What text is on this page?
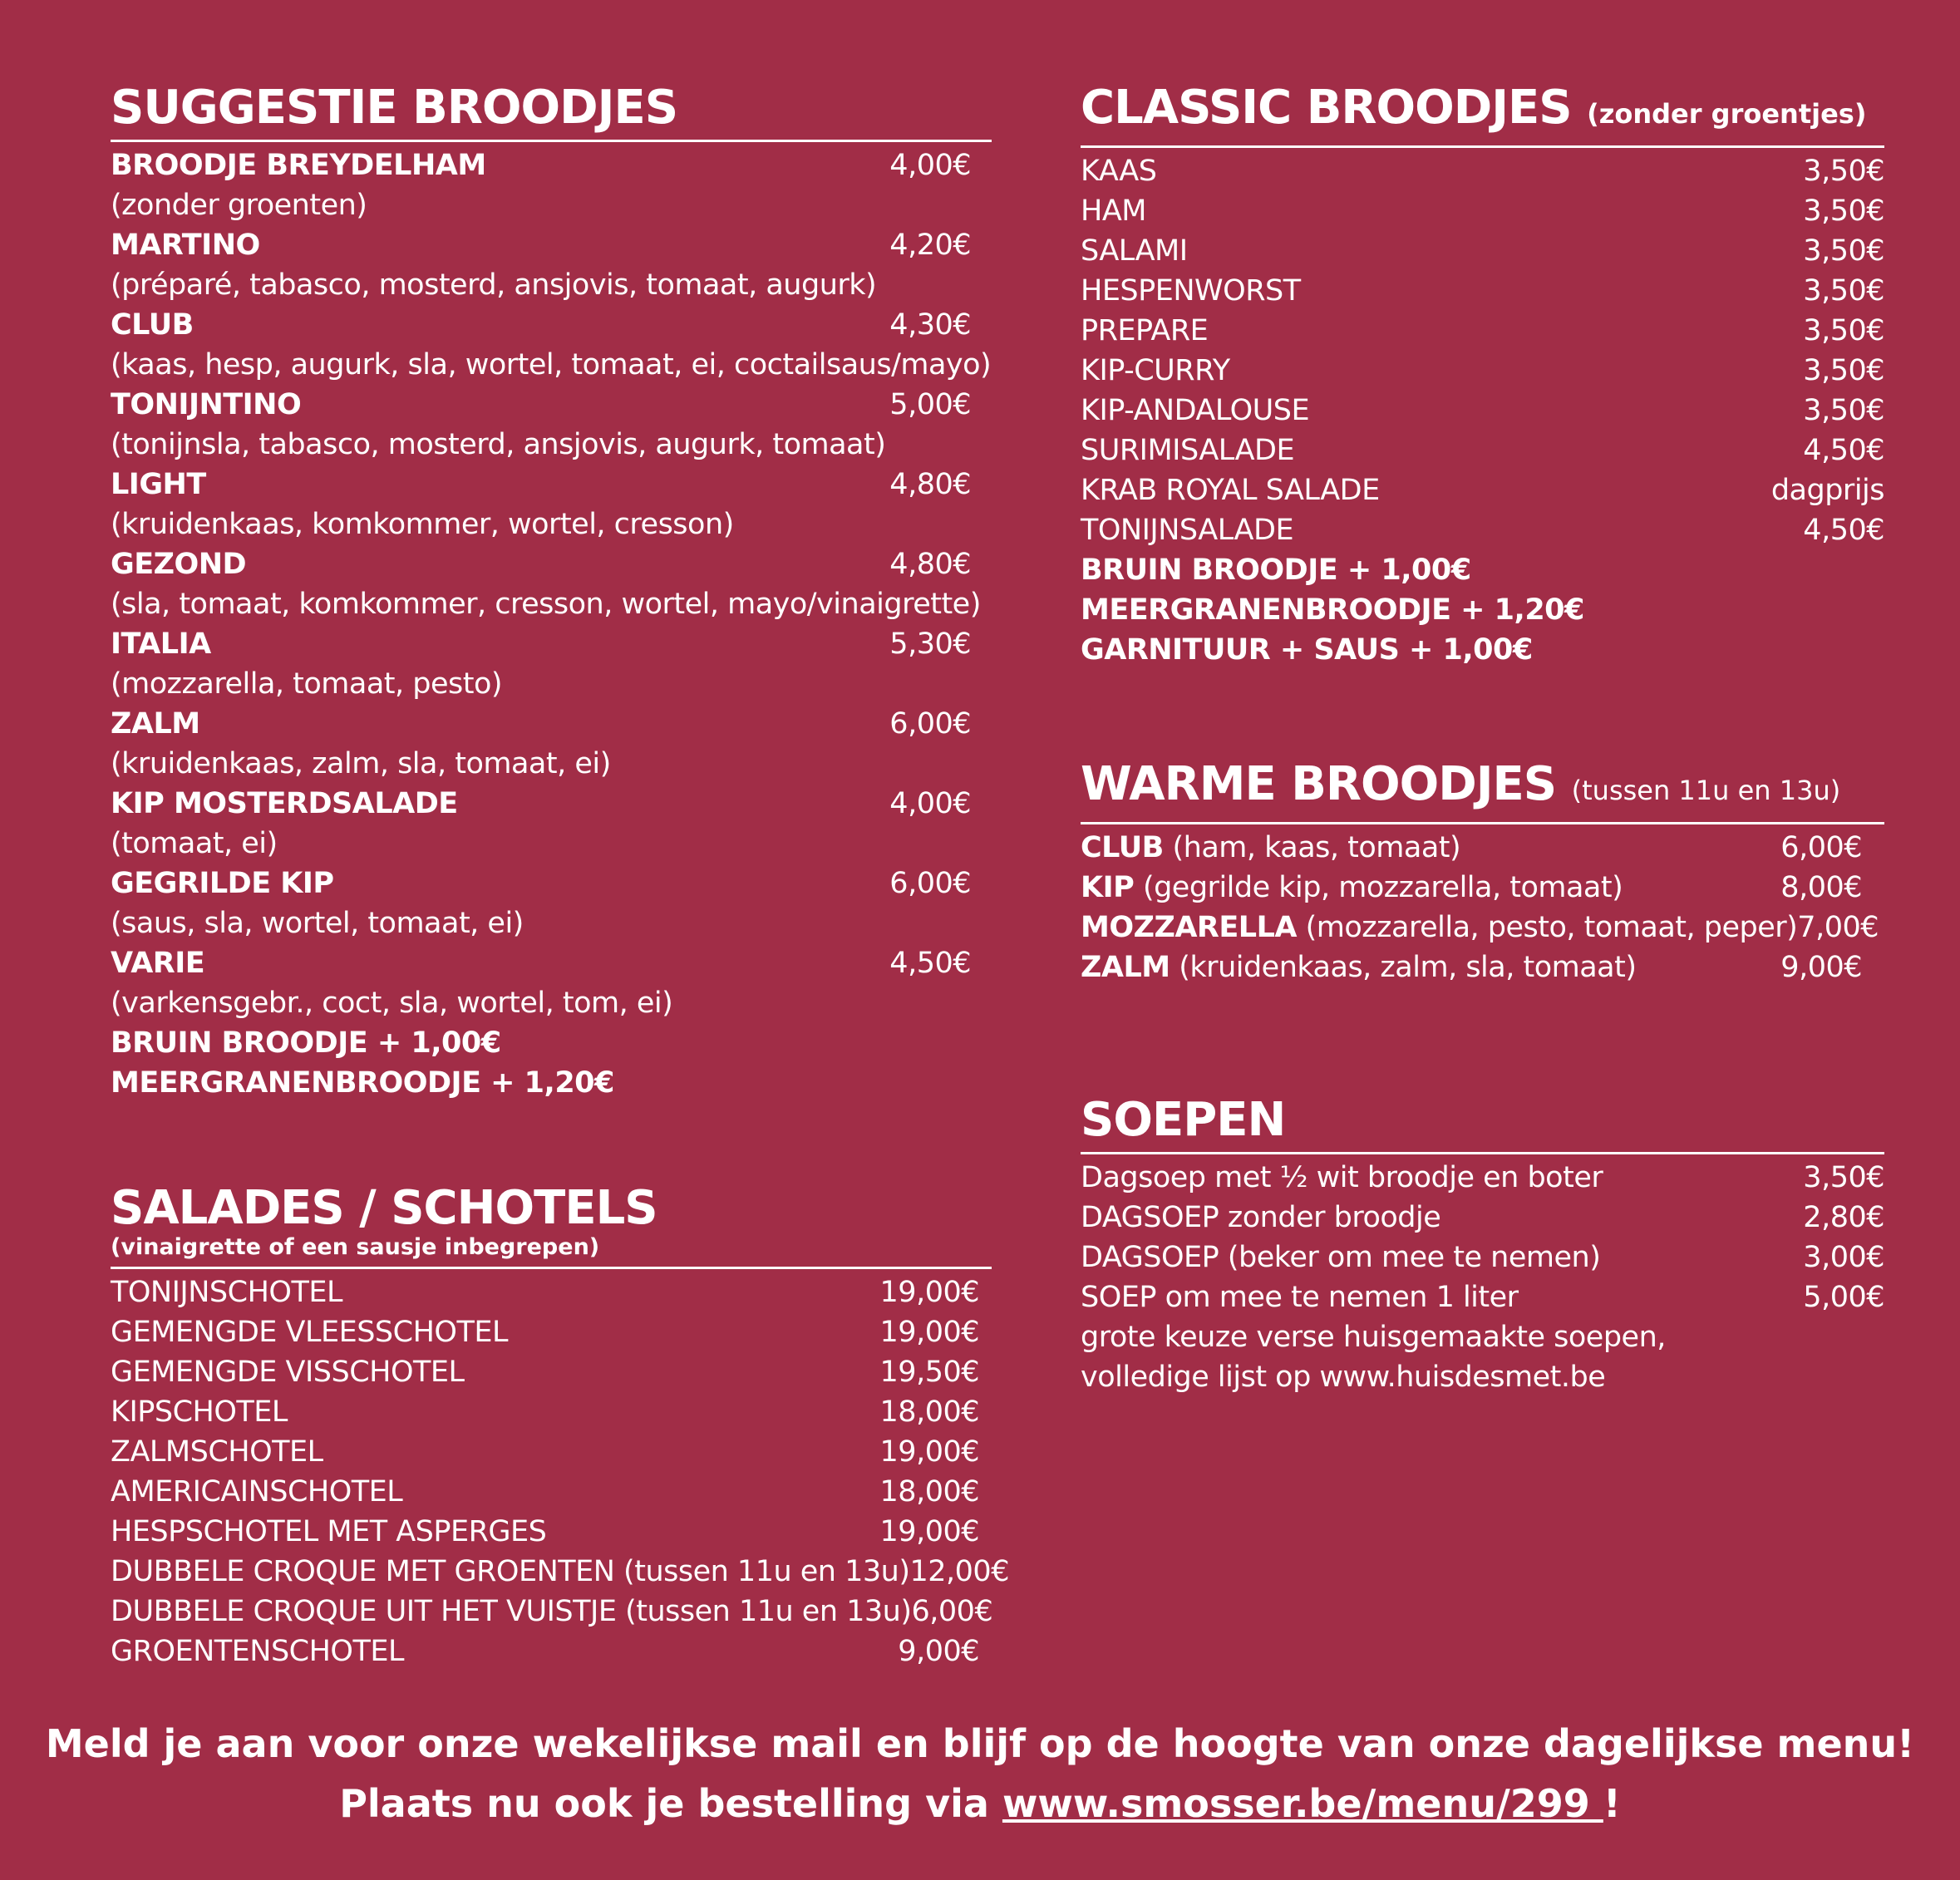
SUGGESTIE BROODJES
BROODJE BREYDELHAM	4,00€
(zonder groenten)
MARTINO	4,20€
(préparé, tabasco, mosterd, ansjovis, tomaat, augurk)
CLUB	4,30€
(kaas, hesp, augurk, sla, wortel, tomaat, ei, coctailsaus/mayo)
TONIJNTINO	5,00€
(tonijnsla, tabasco, mosterd, ansjovis, augurk, tomaat)
LIGHT	4,80€
(kruidenkaas, komkommer, wortel, cresson)
GEZOND	4,80€
(sla, tomaat, komkommer, cresson, wortel, mayo/vinaigrette)
ITALIA	5,30€
(mozzarella, tomaat, pesto)
ZALM	6,00€
(kruidenkaas, zalm, sla, tomaat, ei)
KIP MOSTERDSALADE	4,00€
(tomaat, ei)
GEGRILDE KIP	6,00€
(saus, sla, wortel, tomaat, ei)
VARIE	4,50€
(varkensgebr., coct, sla, wortel, tom, ei)
BRUIN BROODJE + 1,00€
MEERGRANENBROODJE + 1,20€
SALADES / SCHOTELS
(vinaigrette of een sausje inbegrepen)
TONIJNSCHOTEL	19,00€
GEMENGDE VLEESSCHOTEL	19,00€
GEMENGDE VISSCHOTEL	19,50€
KIPSCHOTEL	18,00€
ZALMSCHOTEL	19,00€
AMERICAINSCHOTEL	18,00€
HESPSCHOTEL MET ASPERGES	19,00€
DUBBELE CROQUE MET GROENTEN (tussen 11u en 13u) 12,00€
DUBBELE CROQUE UIT HET VUISTJE (tussen 11u en 13u) 6,00€
GROENTENSCHOTEL	9,00€
CLASSIC BROODJES (zonder groentjes)
KAAS	3,50€
HAM	3,50€
SALAMI	3,50€
HESPENWORST	3,50€
PREPARE	3,50€
KIP-CURRY	3,50€
KIP-ANDALOUSE	3,50€
SURIMISALADE	4,50€
KRAB ROYAL SALADE	dagprijs
TONIJNSALADE	4,50€
BRUIN BROODJE + 1,00€
MEERGRANENBROODJE + 1,20€
GARNITUUR + SAUS + 1,00€
WARME BROODJES (tussen 11u en 13u)
CLUB (ham, kaas, tomaat)	6,00€
KIP (gegrilde kip, mozzarella, tomaat)	8,00€
MOZZARELLA (mozzarella, pesto, tomaat, peper) 7,00€
ZALM (kruidenkaas, zalm, sla, tomaat)	9,00€
SOEPEN
Dagsoep met ½ wit broodje en boter	3,50€
DAGSOEP zonder broodje	2,80€
DAGSOEP (beker om mee te nemen)	3,00€
SOEP om mee te nemen 1 liter	5,00€
grote keuze verse huisgemaakte soepen,
volledige lijst op www.huisdesmet.be
Meld je aan voor onze wekelijkse mail en blijf op de hoogte van onze dagelijkse menu!
Plaats nu ook je bestelling via www.smosser.be/menu/299 !
